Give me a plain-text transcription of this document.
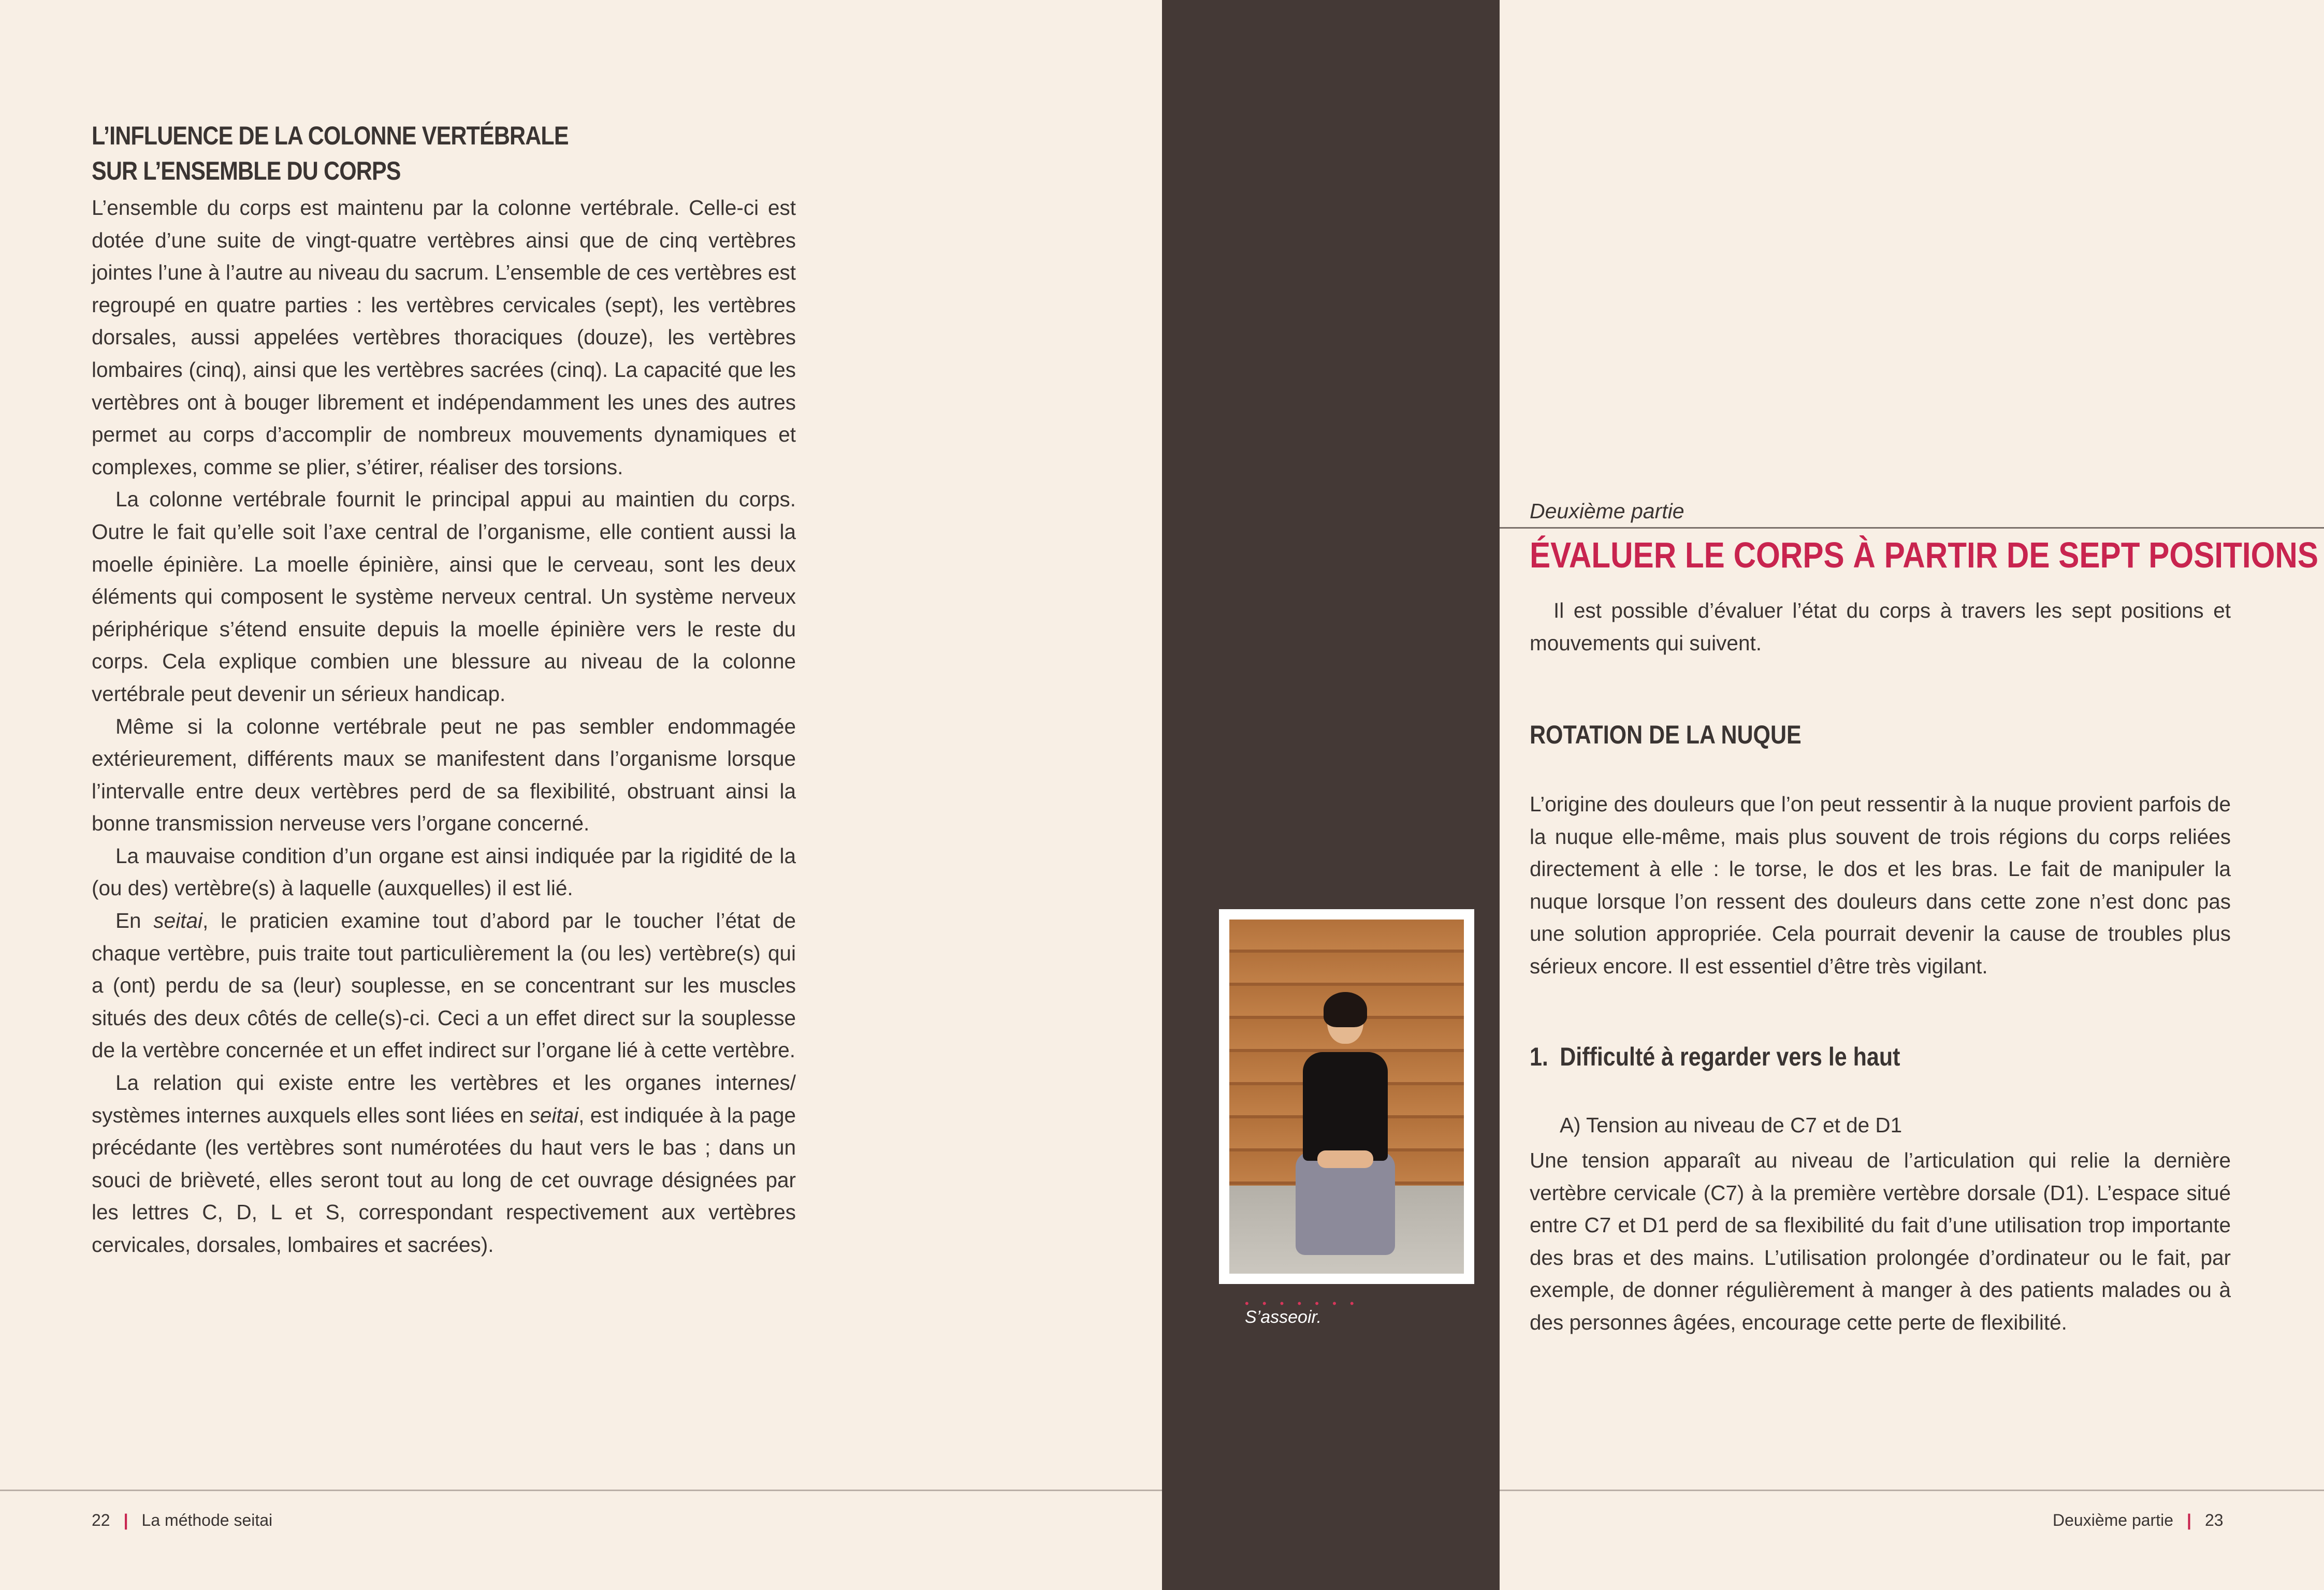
L’INFLUENCE DE LA COLONNE VERTÉBRALE
SUR L’ENSEMBLE DU CORPS

L’ensemble du corps est maintenu par la colonne vertébrale. Celle-ci est dotée d’une suite de vingt-quatre vertèbres ainsi que de cinq vertèbres jointes l’une à l’autre au niveau du sacrum. L’ensemble de ces vertèbres est regroupé en quatre parties : les vertèbres cervicales (sept), les vertèbres dorsales, aussi appelées vertèbres thoraciques (douze), les vertèbres lombaires (cinq), ainsi que les vertèbres sacrées (cinq). La capacité que les vertèbres ont à bouger librement et indépendamment les unes des autres permet au corps d’accomplir de nombreux mouvements dynamiques et complexes, comme se plier, s’étirer, réaliser des torsions.

La colonne vertébrale fournit le principal appui au maintien du corps. Outre le fait qu’elle soit l’axe central de l’organisme, elle contient aussi la moelle épinière. La moelle épinière, ainsi que le cerveau, sont les deux éléments qui composent le système nerveux central. Un système nerveux périphérique s’étend ensuite depuis la moelle épinière vers le reste du corps. Cela explique combien une blessure au niveau de la colonne vertébrale peut devenir un sérieux handicap.

Même si la colonne vertébrale peut ne pas sembler endommagée extérieurement, différents maux se manifestent dans l’organisme lorsque l’intervalle entre deux vertèbres perd de sa flexibilité, obstruant ainsi la bonne transmission nerveuse vers l’organe concerné.

La mauvaise condition d’un organe est ainsi indiquée par la rigidité de la (ou des) vertèbre(s) à laquelle (auxquelles) il est lié.

En seitai, le praticien examine tout d’abord par le toucher l’état de chaque vertèbre, puis traite tout particulièrement la (ou les) vertèbre(s) qui a (ont) perdu de sa (leur) souplesse, en se concentrant sur les muscles situés des deux côtés de celle(s)-ci. Ceci a un effet direct sur la souplesse de la vertèbre concernée et un effet indirect sur l’organe lié à cette vertèbre.

La relation qui existe entre les vertèbres et les organes internes/ systèmes internes auxquels elles sont liées en seitai, est indiquée à la page précédante (les vertèbres sont numérotées du haut vers le bas ; dans un souci de brièveté, elles seront tout au long de cet ouvrage désignées par les lettres C, D, L et S, correspondant respectivement aux vertèbres cervicales, dorsales, lombaires et sacrées).

22 | La méthode seitai
• • • • • • •
S’asseoir.
Deuxième partie
ÉVALUER LE CORPS À PARTIR DE SEPT POSITIONS

Il est possible d’évaluer l’état du corps à travers les sept positions et mouvements qui suivent.

ROTATION DE LA NUQUE

L’origine des douleurs que l’on peut ressentir à la nuque provient parfois de la nuque elle-même, mais plus souvent de trois régions du corps reliées directement à elle : le torse, le dos et les bras. Le fait de manipuler la nuque lorsque l’on ressent des douleurs dans cette zone n’est donc pas une solution appropriée. Cela pourrait devenir la cause de troubles plus sérieux encore. Il est essentiel d’être très vigilant.

1. Difficulté à regarder vers le haut
A) Tension au niveau de C7 et de D1

Une tension apparaît au niveau de l’articulation qui relie la dernière vertèbre cervicale (C7) à la première vertèbre dorsale (D1). L’espace situé entre C7 et D1 perd de sa flexibilité du fait d’une utilisation trop importante des bras et des mains. L’utilisation prolongée d’ordinateur ou le fait, par exemple, de donner régulièrement à manger à des patients malades ou à des personnes âgées, encourage cette perte de flexibilité.

Deuxième partie | 23
